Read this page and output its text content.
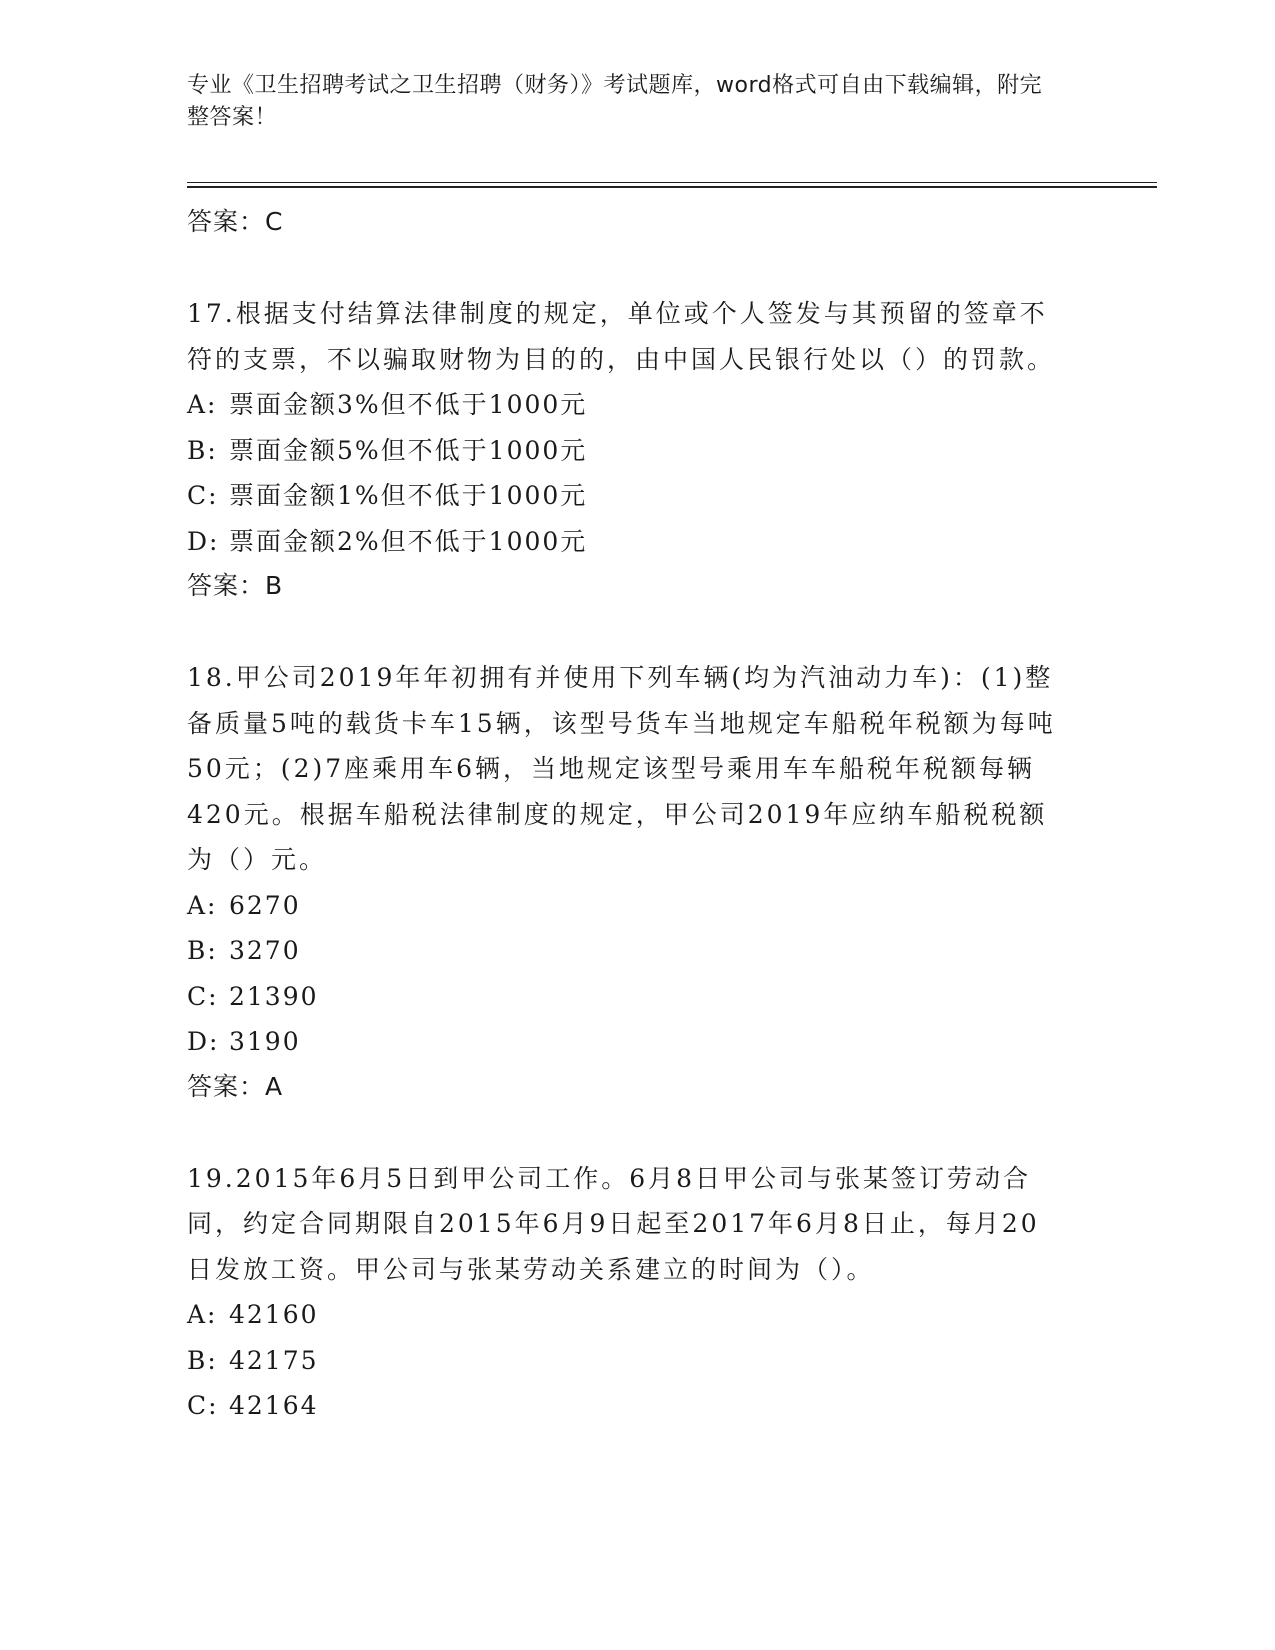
专业《卫生招聘考试之卫生招聘（财务）》考试题库，word格式可自由下载编辑，附完整答案！
答案：C
17.根据支付结算法律制度的规定，单位或个人签发与其预留的签章不符的支票，不以骗取财物为目的的，由中国人民银行处以（）的罚款。
A: 票面金额3%但不低于1000元
B: 票面金额5%但不低于1000元
C: 票面金额1%但不低于1000元
D: 票面金额2%但不低于1000元
答案：B
18.甲公司2019年年初拥有并使用下列车辆(均为汽油动力车)：(1)整备质量5吨的载货卡车15辆，该型号货车当地规定车船税年税额为每吨50元；(2)7座乘用车6辆，当地规定该型号乘用车车船税年税额每辆420元。根据车船税法律制度的规定，甲公司2019年应纳车船税税额为（）元。
A: 6270
B: 3270
C: 21390
D: 3190
答案：A
19.2015年6月5日到甲公司工作。6月8日甲公司与张某签订劳动合同，约定合同期限自2015年6月9日起至2017年6月8日止，每月20日发放工资。甲公司与张某劳动关系建立的时间为（）。
A: 42160
B: 42175
C: 42164
